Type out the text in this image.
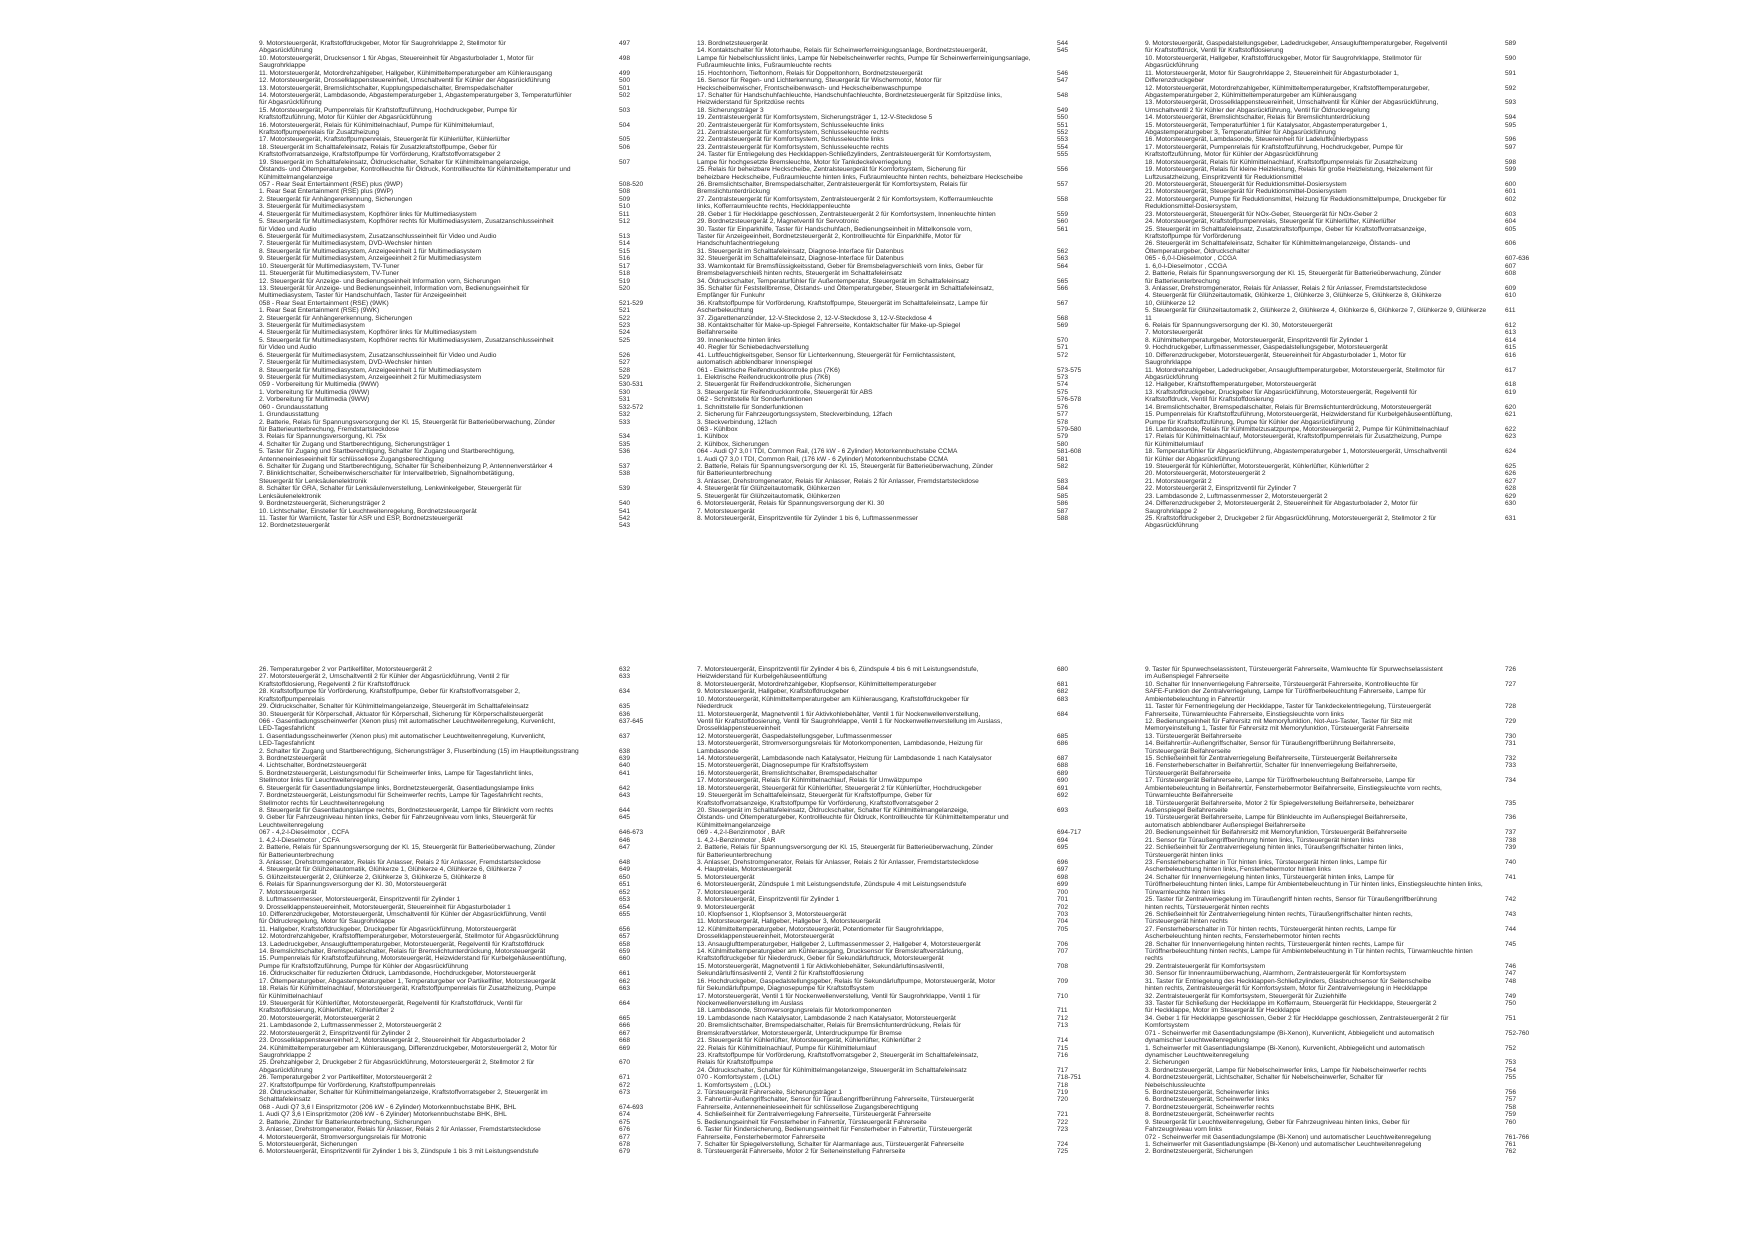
9. Motorsteuergerät, Kraftstoffdruckgeber, Motor für Saugrohrklappe 2, Stellmotor für
Abgasrückführung
497
10. Motorsteuergerät, Drucksensor 1 für Abgas, Steuereinheit für Abgasturbolader 1, Motor für
Saugrohrklappe
498
11. Motorsteuergerät, Motordrehzahlgeber, Hallgeber, Kühlmitteltemperaturgeber am Kühlerausgang	499
12. Motorsteuergerät, Drosselklappensteuereinheit, Umschaltventil für Kühler der Abgasrückführung	500
13. Motorsteuergerät, Bremslichtschalter, Kupplungspedalschalter, Bremspedalschalter	501
14. Motorsteuergerät, Lambdasonde, Abgastemperaturgeber 1, Abgastemperaturgeber 3, Temperaturfühler
für Abgasrückführung
502
15. Motorsteuergerät, Pumpenrelais für Kraftstoffzuführung, Hochdruckgeber, Pumpe für
Kraftstoffzuführung, Motor für Kühler der Abgasrückführung
503
16. Motorsteuergerät, Relais für Kühlmittelnachlauf, Pumpe für Kühlmittelumlauf,
Kraftstoffpumpenrelais für Zusatzheizung
504
17. Motorsteuergerät, Kraftstoffpumpenrelais, Steuergerät für Kühlerlüfter, Kühlerlüfter	505
18. Steuergerät im Schalttafeleinsatz, Relais für Zusatzkraftstoffpumpe, Geber für
Kraftstoffvorratsanzeige, Kraftstoffpumpe für Vorförderung, Kraftstoffvorratsgeber 2
506
19. Steuergerät im Schalttafeleinsatz, Öldruckschalter, Schalter für Kühlmittelmangelanzeige,
Ölstands- und Öltemperaturgeber, Kontrollleuchte für Öldruck, Kontrollleuchte für Kühlmitteltemperatur und Kühlmittelmangelanzeige
507
057 - Rear Seat Entertainment (RSE) plus (9WP)	508-520
1. Rear Seat Entertainment (RSE) plus (9WP)	508
2. Steuergerät für Anhängererkennung, Sicherungen	509
3. Steuergerät für Multimediasystem	510
4. Steuergerät für Multimediasystem, Kopfhörer links für Multimediasystem	511
5. Steuergerät für Multimediasystem, Kopfhörer rechts für Multimediasystem, Zusatzanschlusseinheit
für Video und Audio
512
6. Steuergerät für Multimediasystem, Zusatzanschlusseinheit für Video und Audio	513
7. Steuergerät für Multimediasystem, DVD-Wechsler hinten	514
8. Steuergerät für Multimediasystem, Anzeigeeinheit 1 für Multimediasystem	515
9. Steuergerät für Multimediasystem, Anzeigeeinheit 2 für Multimediasystem	516
10. Steuergerät für Multimediasystem, TV-Tuner	517
11. Steuergerät für Multimediasystem, TV-Tuner	518
12. Steuergerät für Anzeige- und Bedienungseinheit Information vorn, Sicherungen	519
13. Steuergerät für Anzeige- und Bedienungseinheit, Information vorn, Bedienungseinheit für
Multimediasystem, Taster für Handschuhfach, Taster für Anzeigeeinheit
520
058 - Rear Seat Entertainment (RSE) (9WK)	521-529
1. Rear Seat Entertainment (RSE) (9WK)	521
2. Steuergerät für Anhängererkennung, Sicherungen	522
3. Steuergerät für Multimediasystem	523
4. Steuergerät für Multimediasystem, Kopfhörer links für Multimediasystem	524
5. Steuergerät für Multimediasystem, Kopfhörer rechts für Multimediasystem, Zusatzanschlusseinheit
für Video und Audio
525
6. Steuergerät für Multimediasystem, Zusatzanschlusseinheit für Video und Audio	526
7. Steuergerät für Multimediasystem, DVD-Wechsler hinten	527
8. Steuergerät für Multimediasystem, Anzeigeeinheit 1 für Multimediasystem	528
9. Steuergerät für Multimediasystem, Anzeigeeinheit 2 für Multimediasystem	529
059 - Vorbereitung für Multimedia (9WW)	530-531
1. Vorbereitung für Multimedia (9WW)	530
2. Vorbereitung für Multimedia (9WW)	531
060 - Grundausstattung	532-572
1. Grundausstattung	532
2. Batterie, Relais für Spannungsversorgung der Kl. 15, Steuergerät für Batterieüberwachung, Zünder
für Batterieunterbrechung, Fremdstartsteckdose
533
3. Relais für Spannungsversorgung, Kl. 75x	534
4. Schalter für Zugang und Startberechtigung, Sicherungsträger 1	535
5. Taster für Zugang und Startberechtigung, Schalter für Zugang und Startberechtigung,
Antenneneinleseeinheit für schlüssellose Zugangsberechtigung
536
6. Schalter für Zugang und Startberechtigung, Schalter für Scheibenheizung P, Antennenverstärker 4	537
7. Blinklichtschalter, Scheibenwischerschalter für Intervallbetrieb, Signalhornbetätigung,
Steuergerät für Lenksäulenelektronik
538
8. Schalter für GRA, Schalter für Lenksäulenverstellung, Lenkwinkelgeber, Steuergerät für
Lenksäulenelektronik
539
9. Bordnetzsteuergerät, Sicherungsträger 2	540
10. Lichtschalter, Einsteller für Leuchtweitenregelung, Bordnetzsteuergerät	541
11. Taster für Warnlicht, Taster für ASR und ESP, Bordnetzsteuergerät	542
12. Bordnetzsteuergerät	543
13. Bordnetzsteuergerät	544
14. Kontaktschalter für Motorhaube, Relais für Scheinwerferreinigungsanlage, Bordnetzsteuergerät,
Lampe für Nebelschlusslicht links, Lampe für Nebelscheinwerfer rechts, Pumpe für Scheinwerferreinigungsanlage, Fußraumleuchte links, Fußraumleuchte rechts
545
15. Hochtonhorn, Tieftonhorn, Relais für Doppeltonhorn, Bordnetzsteuergerät	546
16. Sensor für Regen- und Lichterkennung, Steuergerät für Wischermotor, Motor für
Heckscheibenwischer, Frontscheibenwasch- und Heckscheibenwaschpumpe
547
17. Schalter für Handschuhfachleuchte, Handschuhfachleuchte, Bordnetzsteuergerät für Spitzdüse links,
Heizwiderstand für Spritzdüse rechts
548
18. Sicherungsträger 3	549
19. Zentralsteuergerät für Komfortsystem, Sicherungsträger 1, 12-V-Steckdose 5	550
20. Zentralsteuergerät für Komfortsystem, Schlusseleuchte links	551
21. Zentralsteuergerät für Komfortsystem, Schlusseleuchte rechts	552
22. Zentralsteuergerät für Komfortsystem, Schlusseleuchte links	553
23. Zentralsteuergerät für Komfortsystem, Schlusseleuchte rechts	554
24. Taster für Entriegelung des Heckklappen-Schließzylinders, Zentralsteuergerät für Komfortsystem,
Lampe für hochgesetzte Bremsleuchte, Motor für Tankdeckelverriegelung
555
25. Relais für beheizbare Heckscheibe, Zentralsteuergerät für Komfortsystem, Sicherung für
beheizbare Heckscheibe, Fußraumleuchte hinten links, Fußraumleuchte hinten rechts, beheizbare Heckscheibe
556
26. Bremslichtschalter, Bremspedalschalter, Zentralsteuergerät für Komfortsystem, Relais für
Bremslichtunterdrückung
557
27. Zentralsteuergerät für Komfortsystem, Zentralsteuergerät 2 für Komfortsystem, Kofferraumleuchte
links, Kofferraumleuchte rechts, Heckklappenleuchte
558
28. Geber 1 für Heckklappe geschlossen, Zentralsteuergerät 2 für Komfortsystem, Innenleuchte hinten	559
29. Bordnetzsteuergerät 2, Magnetventil für Servotronic	560
30. Taster für Einparkhilfe, Taster für Handschuhfach, Bedienungseinheit in Mittelkonsole vorn,
Taster für Anzeigeeinheit, Bordnetzsteuergerät 2, Kontrollleuchte für Einparkhilfe, Motor für Handschuhfachentriegelung
561
31. Steuergerät im Schalttafeleinsatz, Diagnose-Interface für Datenbus	562
32. Steuergerät im Schalttafeleinsatz, Diagnose-Interface für Datenbus	563
33. Warnkontakt für Bremsflüssigkeitsstand, Geber für Bremsbelagverschleiß vorn links, Geber für
Bremsbelagverschleiß hinten rechts, Steuergerät im Schalttafeleinsatz
564
34. Öldruckschalter, Temperaturfühler für Außentemperatur, Steuergerät im Schalttafeleinsatz	565
35. Schalter für Feststellbremse, Ölstands- und Öltemperaturgeber, Steuergerät im Schalttafeleinsatz,
Empfänger für Funkuhr
566
36. Kraftstoffpumpe für Vorförderung, Kraftstoffpumpe, Steuergerät im Schalttafeleinsatz, Lampe für
Ascherbeleuchtung
567
37. Zigarettenanzünder, 12-V-Steckdose 2, 12-V-Steckdose 3, 12-V-Steckdose 4	568
38. Kontaktschalter für Make-up-Spiegel Fahrerseite, Kontaktschalter für Make-up-Spiegel
Beifahrerseite
569
39. Innenleuchte hinten links	570
40. Regler für Schiebedachverstellung	571
41. Luftfeuchtigkeitsgeber, Sensor für Lichterkennung, Steuergerät für Fernlichtassistent,
automatisch abblendbarer Innenspiegel
572
061 - Elektrische Reifendruckkontrolle plus (7K6)	573-575
1. Elektrische Reifendruckkontrolle plus (7K6)	573
2. Steuergerät für Reifendruckkontrolle, Sicherungen	574
3. Steuergerät für Reifendruckkontrolle, Steuergerät für ABS	575
062 - Schnittstelle für Sonderfunktionen	576-578
1. Schnittstelle für Sonderfunktionen	576
2. Sicherung für Fahrzeugortungssystem, Steckverbindung, 12fach	577
3. Steckverbindung, 12fach	578
063 - Kühlbox	579-580
1. Kühlbox	579
2. Kühlbox, Sicherungen	580
064 - Audi Q7 3,0 l TDI, Common Rail, (176 kW - 6 Zylinder) Motorkennbuchstabe CCMA	581-608
1. Audi Q7 3,0 l TDI, Common Rail, (176 kW - 6 Zylinder) Motorkennbuchstabe CCMA	581
2. Batterie, Relais für Spannungsversorgung der Kl. 15, Steuergerät für Batterieüberwachung, Zünder
für Batterieunterbrechung
582
3. Anlasser, Drehstromgenerator, Relais für Anlasser, Relais 2 für Anlasser, Fremdstartsteckdose	583
4. Steuergerät für Glühzeitautomatik, Glühkerzen	584
5. Steuergerät für Glühzeitautomatik, Glühkerzen	585
6. Motorsteuergerät, Relais für Spannungsversorgung der Kl. 30	586
7. Motorsteuergerät	587
8. Motorsteuergerät, Einspritzventile für Zylinder 1 bis 6, Luftmassenmesser	588
9. Motorsteuergerät, Gaspedalstellungsgeber, Ladedruckgeber, Ansauglufttemperaturgeber, Regelventil
für Kraftstoffdruck, Ventil für Kraftstoffdosierung
589
10. Motorsteuergerät, Hallgeber, Kraftstoffdruckgeber, Motor für Saugrohrklappe, Stellmotor für
Abgasrückführung
590
11. Motorsteuergerät, Motor für Saugrohrklappe 2, Steuereinheit für Abgasturbolader 1,
Differenzdruckgeber
591
12. Motorsteuergerät, Motordrehzahlgeber, Kühlmitteltemperaturgeber, Kraftstofftemperaturgeber,
Abgastemperaturgeber 2, Kühlmitteltemperaturgeber am Kühlerausgang
592
13. Motorsteuergerät, Drosselklappensteuereinheit, Umschaltventil für Kühler der Abgasrückführung,
Umschaltventil 2 für Kühler der Abgasrückführung, Ventil für Öldruckregelung
593
14. Motorsteuergerät, Bremslichtschalter, Relais für Bremslichtunterdrückung	594
15. Motorsteuergerät, Temperaturfühler 1 für Katalysator, Abgastemperaturgeber 1,
Abgastemperaturgeber 3, Temperaturfühler für Abgasrückführung
595
16. Motorsteuergerät, Lambdasonde, Steuereinheit für Ladeluftkühlerbypass	596
17. Motorsteuergerät, Pumpenrelais für Kraftstoffzuführung, Hochdruckgeber, Pumpe für
Kraftstoffzuführung, Motor für Kühler der Abgasrückführung
597
18. Motorsteuergerät, Relais für Kühlmittelnachlauf, Kraftstoffpumpenrelais für Zusatzheizung	598
19. Motorsteuergerät, Relais für kleine Heizleistung, Relais für große Heizleistung, Heizelement für
Luftzusatzheizung, Einspritzventil für Reduktionsmittel
599
20. Motorsteuergerät, Steuergerät für Reduktionsmittel-Dosiersystem	600
21. Motorsteuergerät, Steuergerät für Reduktionsmittel-Dosiersystem	601
22. Motorsteuergerät, Pumpe für Reduktionsmittel, Heizung für Reduktionsmittelpumpe, Druckgeber für
Reduktionsmittel-Dosiersystem,
602
23. Motorsteuergerät, Steuergerät für NOx-Geber, Steuergerät für NOx-Geber 2	603
24. Motorsteuergerät, Kraftstoffpumpenrelais, Steuergerät für Kühlerlüfter, Kühlerlüfter	604
25. Steuergerät im Schalttafeleinsatz, Zusatzkraftstoffpumpe, Geber für Kraftstoffvorratsanzeige,
Kraftstoffpumpe für Vorförderung
605
26. Steuergerät im Schalttafeleinsatz, Schalter für Kühlmittelmangelanzeige, Ölstands- und
Öltemperaturgeber, Öldruckschalter
606
065 - 6,0-l-Dieselmotor , CCGA	607-636
1. 6,0-l-Dieselmotor , CCGA	607
2. Batterie, Relais für Spannungsversorgung der Kl. 15, Steuergerät für Batterieüberwachung, Zünder
für Batterieunterbrechung
608
3. Anlasser, Drehstromgenerator, Relais für Anlasser, Relais 2 für Anlasser, Fremdstartsteckdose	609
4. Steuergerät für Glühzeitautomatik, Glühkerze 1, Glühkerze 3, Glühkerze 5, Glühkerze 8, Glühkerze
10, Glühkerze 12
610
5. Steuergerät für Glühzeitautomatik 2, Glühkerze 2, Glühkerze 4, Glühkerze 6, Glühkerze 7, Glühkerze 9, Glühkerze
11
611
6. Relais für Spannungsversorgung der Kl. 30, Motorsteuergerät	612
7. Motorsteuergerät	613
8. Kühlmitteltemperaturgeber, Motorsteuergerät, Einspritzventil für Zylinder 1	614
9. Hochdruckgeber, Luftmassenmesser, Gaspedalstellungsgeber, Motorsteuergerät	615
10. Differenzdruckgeber, Motorsteuergerät, Steuereinheit für Abgasturbolader 1, Motor für
Saugrohrklappe
616
11. Motordrehzahlgeber, Ladedruckgeber, Ansauglufttemperaturgeber, Motorsteuergerät, Stellmotor für
Abgasrückführung
617
12. Hallgeber, Kraftstofftemperaturgeber, Motorsteuergerät	618
13. Kraftstoffdruckgeber, Druckgeber für Abgasrückführung, Motorsteuergerät, Regelventil für
Kraftstoffdruck, Ventil für Kraftstoffdosierung
619
14. Bremslichtschalter, Bremspedalschalter, Relais für Bremslichtunterdrückung, Motorsteuergerät	620
15. Pumpenrelais für Kraftstoffzuführung, Motorsteuergerät, Heizwiderstand für Kurbelgehäuseentlüftung,
Pumpe für Kraftstoffzuführung, Pumpe für Kühler der Abgasrückführung
621
16. Lambdasonde, Relais für Kühlmittelzusatzpumpe, Motorsteuergerät 2, Pumpe für Kühlmittelnachlauf	622
17. Relais für Kühlmittelnachlauf, Motorsteuergerät, Kraftstoffpumpenrelais für Zusatzheizung, Pumpe
für Kühlmittelumlauf
623
18. Temperaturfühler für Abgasrückführung, Abgastemperaturgeber 1, Motorsteuergerät, Umschaltventil
für Kühler der Abgasrückführung
624
19. Steuergerät für Kühlerlüfter, Motorsteuergerät, Kühlerlüfter, Kühlerlüfter 2	625
20. Motorsteuergerät, Motorsteuergerät 2	626
21. Motorsteuergerät 2	627
22. Motorsteuergerät 2, Einspritzventil für Zylinder 7	628
23. Lambdasonde 2, Luftmassenmesser 2, Motorsteuergerät 2	629
24. Differenzdruckgeber 2, Motorsteuergerät 2, Steuereinheit für Abgasturbolader 2, Motor für
Saugrohrklappe 2
630
25. Kraftstoffdruckgeber 2, Druckgeber 2 für Abgasrückführung, Motorsteuergerät 2, Stellmotor 2 für
Abgasrückführung
631
26. Temperaturgeber 2 vor Partikelfilter, Motorsteuergerät 2	632
27. Motorsteuergerät 2, Umschaltventil 2 für Kühler der Abgasrückführung, Ventil 2 für
Kraftstoffdosierung, Regelventil 2 für Kraftstoffdruck
633
28. Kraftstoffpumpe für Vorförderung, Kraftstoffpumpe, Geber für Kraftstoffvorratsgeber 2,
Kraftstoffpumpenrelais
634
29. Öldruckschalter, Schalter für Kühlmittelmangelanzeige, Steuergerät im Schalttafeleinsatz	635
30. Steuergerät für Körperschall, Aktuator für Körperschall, Sicherung für Körperschallsteuergerät	636
066 - Gasentladungsscheinwerfer (Xenon plus) mit automatischer Leuchtweitenregelung, Kurvenlicht,
LED-Tagesfahrlicht
637-645
1. Gasentladungsscheinwerfer (Xenon plus) mit automatischer Leuchtweitenregelung, Kurvenlicht,
LED-Tagesfahrlicht
637
2. Schalter für Zugang und Startberechtigung, Sicherungsträger 3, Fluserbindung (15) im Hauptleitungsstrang	638
3. Bordnetzsteuergerät	639
4. Lichtschalter, Bordnetzsteuergerät	640
5. Bordnetzsteuergerät, Leistungsmodul für Scheinwerfer links, Lampe für Tagesfahrlicht links,
Stellmotor links für Leuchtweitenregelung
641
6. Steuergerät für Gasentladungslampe links, Bordnetzsteuergerät, Gasentladungslampe links	642
7. Bordnetzsteuergerät, Leistungsmodul für Scheinwerfer rechts, Lampe für Tagesfahrlicht rechts,
Stellmotor rechts für Leuchtweitenregelung
643
8. Steuergerät für Gasentladungslampe rechts, Bordnetzsteuergerät, Lampe für Blinklicht vorn rechts	644
9. Geber für Fahrzeugniveau hinten links, Geber für Fahrzeugniveau vorn links, Steuergerät für
Leuchtweitenregelung
645
067 - 4,2-l-Dieselmotor , CCFA	646-673
1. 4,2-l-Dieselmotor , CCFA	646
2. Batterie, Relais für Spannungsversorgung der Kl. 15, Steuergerät für Batterieüberwachung, Zünder
für Batterieunterbrechung
647
3. Anlasser, Drehstromgenerator, Relais für Anlasser, Relais 2 für Anlasser, Fremdstartsteckdose	648
4. Steuergerät für Glühzeitautomatik, Glühkerze 1, Glühkerze 4, Glühkerze 6, Glühkerze 7	649
5. Glühzeitsteuergerät 2, Glühkerze 2, Glühkerze 3, Glühkerze 5, Glühkerze 8	650
6. Relais für Spannungsversorgung der Kl. 30, Motorsteuergerät	651
7. Motorsteuergerät	652
8. Luftmassenmesser, Motorsteuergerät, Einspritzventil für Zylinder 1	653
9. Drosselklappensteuereinheit, Motorsteuergerät, Steuereinheit für Abgasturbolader 1	654
10. Differenzdruckgeber, Motorsteuergerät, Umschaltventil für Kühler der Abgasrückführung, Ventil
für Öldruckregelung, Motor für Saugrohrklappe
655
11. Hallgeber, Kraftstoffdruckgeber, Druckgeber für Abgasrückführung, Motorsteuergerät	656
12. Motordrehzahlgeber, Kraftstofftemperaturgeber, Motorsteuergerät, Stellmotor für Abgasrückführung	657
13. Ladedruckgeber, Ansauglufttemperaturgeber, Motorsteuergerät, Regelventil für Kraftstoffdruck	658
14. Bremslichtschalter, Bremspedalschalter, Relais für Bremslichtunterdrückung, Motorsteuergerät	659
15. Pumpenrelais für Kraftstoffzuführung, Motorsteuergerät, Heizwiderstand für Kurbelgehäuseentlüftung,
Pumpe für Kraftstoffzuführung, Pumpe für Kühler der Abgasrückführung
660
16. Öldruckschalter für reduzierten Öldruck, Lambdasonde, Hochdruckgeber, Motorsteuergerät	661
17. Öltemperaturgeber, Abgastemperaturgeber 1, Temperaturgeber vor Partikelfilter, Motorsteuergerät	662
18. Relais für Kühlmittelnachlauf, Motorsteuergerät, Kraftstoffpumpenrelais für Zusatzheizung, Pumpe
für Kühlmittelnachlauf
663
19. Steuergerät für Kühlerlüfter, Motorsteuergerät, Regelventil für Kraftstoffdruck, Ventil für
Kraftstoffdosierung, Kühlerlüfter, Kühlerlüfter 2
664
20. Motorsteuergerät, Motorsteuergerät 2	665
21. Lambdasonde 2, Luftmassenmesser 2, Motorsteuergerät 2	666
22. Motorsteuergerät 2, Einspritzventil für Zylinder 2	667
23. Drosselklappensteuereinheit 2, Motorsteuergerät 2, Steuereinheit für Abgasturbolader 2	668
24. Kühlmitteltemperaturgeber am Kühlerausgang, Differenzdruckgeber, Motorsteuergerät 2, Motor für
Saugrohrklappe 2
669
25. Drehzahlgeber 2, Druckgeber 2 für Abgasrückführung, Motorsteuergerät 2, Stellmotor 2 für
Abgasrückführung
670
26. Temperaturgeber 2 vor Partikelfilter, Motorsteuergerät 2	671
27. Kraftstoffpumpe für Vorförderung, Kraftstoffpumpenrelais	672
28. Öldruckschalter, Schalter für Kühlmittelmangelanzeige, Kraftstoffvorratsgeber 2, Steuergerät im
Schalttafeleinsatz
673
068 - Audi Q7 3,6 l Einspritzmotor (206 kW - 6 Zylinder) Motorkennbuchstabe BHK, BHL	674-693
1. Audi Q7 3,6 l Einspritzmotor (206 kW - 6 Zylinder) Motorkennbuchstabe BHK, BHL	674
2. Batterie, Zünder für Batterieunterbrechung, Sicherungen	675
3. Anlasser, Drehstromgenerator, Relais für Anlasser, Relais 2 für Anlasser, Fremdstartsteckdose	676
4. Motorsteuergerät, Stromversorgungsrelais für Motronic	677
5. Motorsteuergerät, Sicherungen	678
6. Motorsteuergerät, Einspritzventil für Zylinder 1 bis 3, Zündspule 1 bis 3 mit Leistungsendstufe	679
7. Motorsteuergerät, Einspritzventil für Zylinder 4 bis 6, Zündspule 4 bis 6 mit Leistungsendstufe,
Heizwiderstand für Kurbelgehäuseentlüftung
680
8. Motorsteuergerät, Motordrehzahlgeber, Klopfsensor, Kühlmitteltemperaturgeber	681
9. Motorsteuergerät, Hallgeber, Kraftstoffdruckgeber	682
10. Motorsteuergerät, Kühlmitteltemperaturgeber am Kühlerausgang, Kraftstoffdruckgeber für
Niederdruck
683
11. Motorsteuergerät, Magnetventil 1 für Aktivkohlebehälter, Ventil 1 für Nockenwellenverstellung,
Ventil für Kraftstoffdosierung, Ventil für Saugrohrklappe, Ventil 1 für Nockenwellenverstellung im Auslass, Drosselklappensteuereinheit
684
12. Motorsteuergerät, Gaspedalstellungsgeber, Luftmassenmesser	685
13. Motorsteuergerät, Stromversorgungsrelais für Motorkomponenten, Lambdasonde, Heizung für
Lambdasonde
686
14. Motorsteuergerät, Lambdasonde nach Katalysator, Heizung für Lambdasonde 1 nach Katalysator	687
15. Motorsteuergerät, Diagnosepumpe für Kraftstoffsystem	688
16. Motorsteuergerät, Bremslichtschalter, Bremspedalschalter	689
17. Motorsteuergerät, Relais für Kühlmittelnachlauf, Relais für Umwälzpumpe	690
18. Motorsteuergerät, Steuergerät für Kühlerlüfter, Steuergerät 2 für Kühlerlüfter, Hochdruckgeber	691
19. Steuergerät im Schalttafeleinsatz, Steuergerät für Kraftstoffpumpe, Geber für
Kraftstoffvorratsanzeige, Kraftstoffpumpe für Vorförderung, Kraftstoffvorratsgeber 2
692
20. Steuergerät im Schalttafeleinsatz, Öldruckschalter, Schalter für Kühlmittelmangelanzeige,
Ölstands- und Öltemperaturgeber, Kontrollleuchte für Öldruck, Kontrollleuchte für Kühlmitteltemperatur und Kühlmittelmangelanzeige
693
069 - 4,2-l-Benzinmotor , BAR	694-717
1. 4,2-l-Benzinmotor , BAR	694
2. Batterie, Relais für Spannungsversorgung der Kl. 15, Steuergerät für Batterieüberwachung, Zünder
für Batterieunterbrechung
695
3. Anlasser, Drehstromgenerator, Relais für Anlasser, Relais 2 für Anlasser, Fremdstartsteckdose	696
4. Hauptrelais, Motorsteuergerät	697
5. Motorsteuergerät	698
6. Motorsteuergerät, Zündspule 1 mit Leistungsendstufe, Zündspule 4 mit Leistungsendstufe	699
7. Motorsteuergerät	700
8. Motorsteuergerät, Einspritzventil für Zylinder 1	701
9. Motorsteuergerät	702
10. Klopfsensor 1, Klopfsensor 3, Motorsteuergerät	703
11. Motorsteuergerät, Hallgeber, Hallgeber 3, Motorsteuergerät	704
12. Kühlmitteltemperaturgeber, Motorsteuergerät, Potentiometer für Saugrohrklappe,
Drosselklappensteuereinheit, Motorsteuergerät
705
13. Ansauglufttemperaturgeber, Hallgeber 2, Luftmassenmesser 2, Hallgeber 4, Motorsteuergerät	706
14. Kühlmitteltemperaturgeber am Kühlerausgang, Drucksensor für Bremskraftverstärkung,
Kraftstoffdruckgeber für Niederdruck, Geber für Sekundärluftdruck, Motorsteuergerät
707
15. Motorsteuergerät, Magnetventil 1 für Aktivkohlebehälter, Sekundärluftinsaslventil,
Sekundärluftinsaslventil 2, Ventil 2 für Kraftstoffdosierung
708
16. Hochdruckgeber, Gaspedalstellungsgeber, Relais für Sekundärluftpumpe, Motorsteuergerät, Motor
für Sekundärluftpumpe, Diagnosepumpe für Kraftstoffsystem
709
17. Motorsteuergerät, Ventil 1 für Nockenwellenverstellung, Ventil für Saugrohrklappe, Ventil 1 für
Nockenwellenverstellung im Auslass
710
18. Lambdasonde, Stromversorgungsrelais für Motorkomponenten	711
19. Lambdasonde nach Katalysator, Lambdasonde 2 nach Katalysator, Motorsteuergerät	712
20. Bremslichtschalter, Bremspedalschalter, Relais für Bremslichtunterdrückung, Relais für
Bremskraftverstärker, Motorsteuergerät, Unterdruckpumpe für Bremse
713
21. Steuergerät für Kühlerlüfter, Motorsteuergerät, Kühlerlüfter, Kühlerlüfter 2	714
22. Relais für Kühlmittelnachlauf, Pumpe für Kühlmittelumlauf	715
23. Kraftstoffpumpe für Vorförderung, Kraftstoffvorratsgeber 2, Steuergerät im Schalttafeleinsatz,
Relais für Kraftstoffpumpe
716
24. Öldruckschalter, Schalter für Kühlmittelmangelanzeige, Steuergerät im Schalttafeleinsatz	717
070 - Komfortsystem , (LOL)	718-751
1. Komfortsystem , (LOL)	718
2. Türsteuergerät Fahrerseite, Sicherungsträger 1	719
3. Fahrertür-Außengriffschalter, Sensor für Türaußengriffberührung Fahrerseite, Türsteuergerät
Fahrerseite, Antenneneinleseeinheit für schlüssellose Zugangsberechtigung
720
4. Schließeinheit für Zentralverriegelung Fahrerseite, Türsteuergerät Fahrerseite	721
5. Bedienungseinheit für Fensterheber in Fahrertür, Türsteuergerät Fahrerseite	722
6. Taster für Kindersicherung, Bedienungseinheit für Fensterheber in Fahrertür, Türsteuergerät
Fahrerseite, Fensterhebermotor Fahrerseite
723
7. Schalter für Spiegelverstellung, Schalter für Alarmanlage aus, Türsteuergerät Fahrerseite	724
8. Türsteuergerät Fahrerseite, Motor 2 für Seiteneinstellung Fahrerseite	725
9. Taster für Spurwechselassistent, Türsteuergerät Fahrerseite, Warnleuchte für Spurwechselassistent
im Außenspiegel Fahrerseite
726
10. Schalter für Innenverriegelung Fahrerseite, Türsteuergerät Fahrerseite, Kontrollleuchte für
SAFE-Funktion der Zentralverriegelung, Lampe für Türöffnerbeleuchtung Fahrerseite, Lampe für Ambientebeleuchtung in Fahrertür
727
11. Taster für Fernentriegelung der Heckklappe, Taster für Tankdeckelentriegelung, Türsteuergerät
Fahrerseite, Türwarnleuchte Fahrerseite, Einstiegsleuchte vorn links
728
12. Bedienungseinheit für Fahrersitz mit Memoryfunktion, Not-Aus-Taster, Taster für Sitz mit
Memoryeinstellung 1, Taster für Fahrersitz mit Memoryfunktion, Türsteuergerät Fahrerseite
729
13. Türsteuergerät Beifahrerseite	730
14. Beifahrertür-Außengriffschalter, Sensor für Türaußengriffberührung Beifahrerseite,
Türsteuergerät Beifahrerseite
731
15. Schließeinheit für Zentralverriegelung Beifahrerseite, Türsteuergerät Beifahrerseite	732
16. Fensterheberschalter in Beifahrertür, Schalter für Innenverriegelung Beifahrerseite,
Türsteuergerät Beifahrerseite
733
17. Türsteuergerät Beifahrerseite, Lampe für Türöffnerbeleuchtung Beifahrerseite, Lampe für
Ambientebeleuchtung in Beifahrertür, Fensterhebermotor Beifahrerseite, Einstiegsleuchte vorn rechts, Türwarnleuchte Beifahrerseite
734
18. Türsteuergerät Beifahrerseite, Motor 2 für Spiegelverstellung Beifahrerseite, beheizbarer
Außenspiegel Beifahrerseite
735
19. Türsteuergerät Beifahrerseite, Lampe für Blinkleuchte im Außenspiegel Beifahrerseite,
automatisch abblendbarer Außenspiegel Beifahrerseite
736
20. Bedienungseinheit für Beifahrersitz mit Memoryfunktion, Türsteuergerät Beifahrerseite	737
21. Sensor für Türaußengriffberührung hinten links, Türsteuergerät hinten links	738
22. Schließeinheit für Zentralverriegelung hinten links, Türaußengriffschalter hinten links,
Türsteuergerät hinten links
739
23. Fensterheberschalter in Tür hinten links, Türsteuergerät hinten links, Lampe für
Ascherbeleuchtung hinten links, Fensterhebermotor hinten links
740
24. Schalter für Innenverriegelung hinten links, Türsteuergerät hinten links, Lampe für
Türöffnerbeleuchtung hinten links, Lampe für Ambientebeleuchtung in Tür hinten links, Einstiegsleuchte hinten links, Türwarnleuchte hinten links
741
25. Taster für Zentralverriegelung im Türaußengriff hinten rechts, Sensor für Türaußengriffberührung
hinten rechts, Türsteuergerät hinten rechts
742
26. Schließeinheit für Zentralverriegelung hinten rechts, Türaußengriffschalter hinten rechts,
Türsteuergerät hinten rechts
743
27. Fensterheberschalter in Tür hinten rechts, Türsteuergerät hinten rechts, Lampe für
Ascherbeleuchtung hinten rechts, Fensterhebermotor hinten rechts
744
28. Schalter für Innenverriegelung hinten rechts, Türsteuergerät hinten rechts, Lampe für
Türöffnerbeleuchtung hinten rechts, Lampe für Ambientebeleuchtung in Tür hinten rechts, Türwarnleuchte hinten rechts
745
29. Zentralsteuergerät für Komfortsystem	746
30. Sensor für Innenraumüberwachung, Alarmhorn, Zentralsteuergerät für Komfortsystem	747
31. Taster für Entriegelung des Heckklappen-Schließzylinders, Glasbruchsensor für Seitenscheibe
hinten rechts, Zentralsteuergerät für Komfortsystem, Motor für Zentralverriegelung in Heckklappe
748
32. Zentralsteuergerät für Komfortsystem, Steuergerät für Zuziehhilfe	749
33. Taster für Schließung der Heckklappe im Kofferraum, Steuergerät für Heckklappe, Steuergerät 2
für Heckklappe, Motor im Steuergerät für Heckklappe
750
34. Geber 1 für Heckklappe geschlossen, Geber 2 für Heckklappe geschlossen, Zentralsteuergerät 2 für
Komfortsystem
751
071 - Scheinwerfer mit Gasentladungslampe (Bi-Xenon), Kurvenlicht, Abbiegelicht und automatisch
dynamischer Leuchtweitenregelung
752-760
1. Scheinwerfer mit Gasentladungslampe (Bi-Xenon), Kurvenlicht, Abbiegelicht und automatisch
dynamischer Leuchtweitenregelung
752
2. Sicherungen	753
3. Bordnetzsteuergerät, Lampe für Nebelscheinwerfer links, Lampe für Nebelscheinwerfer rechts	754
4. Bordnetzsteuergerät, Lichtschalter, Schalter für Nebelscheinwerfer, Schalter für
Nebelschlussleuchte
755
5. Bordnetzsteuergerät, Scheinwerfer links	756
6. Bordnetzsteuergerät, Scheinwerfer links	757
7. Bordnetzsteuergerät, Scheinwerfer rechts	758
8. Bordnetzsteuergerät, Scheinwerfer rechts	759
9. Steuergerät für Leuchtweitenregelung, Geber für Fahrzeugniveau hinten links, Geber für
Fahrzeugniveau vorn links
760
072 - Scheinwerfer mit Gasentladungslampe (Bi-Xenon) und automatischer Leuchtweitenregelung	761-766
1. Scheinwerfer mit Gasentladungslampe (Bi-Xenon) und automatischer Leuchtweitenregelung	761
2. Bordnetzsteuergerät, Sicherungen	762
